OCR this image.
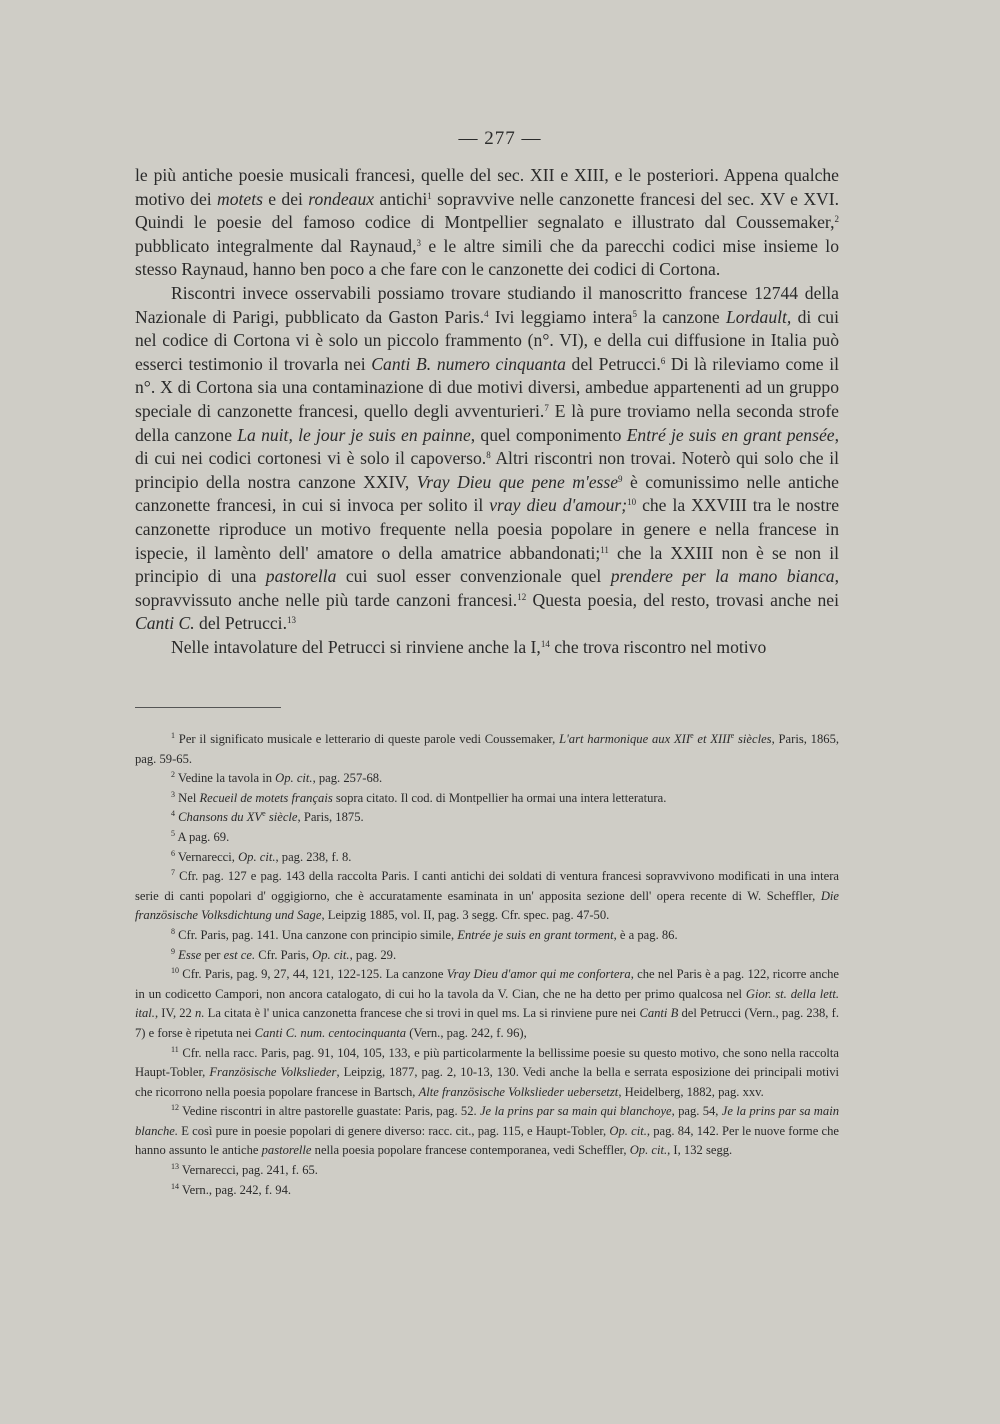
— 277 —

le più antiche poesie musicali francesi, quelle del sec. XII e XIII, e le posteriori. Appena qualche motivo dei motets e dei rondeaux antichi$^1$ sopravvive nelle canzonette francesi del sec. XV e XVI. Quindi le poesie del famoso codice di Montpellier segnalato e illustrato dal Coussemaker,$^2$ pubblicato integralmente dal Raynaud,$^3$ e le altre simili che da parecchi codici mise insieme lo stesso Raynaud, hanno ben poco a che fare con le canzonette dei codici di Cortona.

Riscontri invece osservabili possiamo trovare studiando il manoscritto francese 12744 della Nazionale di Parigi, pubblicato da Gaston Paris.$^4$ Ivi leggiamo intera$^5$ la canzone Lordault, di cui nel codice di Cortona vi è solo un piccolo frammento (n°. VI), e della cui diffusione in Italia può esserci testimonio il trovarla nei Canti B. numero cinquanta del Petrucci.$^6$ Di là rileviamo come il n°. X di Cortona sia una contaminazione di due motivi diversi, ambedue appartenenti ad un gruppo speciale di canzonette francesi, quello degli avventurieri.$^7$ E là pure troviamo nella seconda strofe della canzone La nuit, le jour je suis en painne, quel componimento Entré je suis en grant pensée, di cui nei codici cortonesi vi è solo il capoverso.$^8$ Altri riscontri non trovai. Noterò qui solo che il principio della nostra canzone XXIV, Vray Dieu que pene m'esse$^9$ è comunissimo nelle antiche canzonette francesi, in cui si invoca per solito il vray dieu d'amour;$^{10}$ che la XXVIII tra le nostre canzonette riproduce un motivo frequente nella poesia popolare in genere e nella francese in ispecie, il lamènto dell' amatore o della amatrice abbandonati;$^{11}$ che la XXIII non è se non il principio di una pastorella cui suol esser convenzionale quel prendere per la mano bianca, sopravvissuto anche nelle più tarde canzoni francesi.$^{12}$ Questa poesia, del resto, trovasi anche nei Canti C. del Petrucci.$^{13}$

Nelle intavolature del Petrucci si rinviene anche la I,$^{14}$ che trova riscontro nel motivo

$^1$ Per il significato musicale e letterario di queste parole vedi Coussemaker, L'art harmonique aux XIIe et XIIIe siècles, Paris, 1865, pag. 59-65.

$^2$ Vedine la tavola in Op. cit., pag. 257-68.

$^3$ Nel Recueil de motets français sopra citato. Il cod. di Montpellier ha ormai una intera letteratura.

$^4$ Chansons du XVe siècle, Paris, 1875.

$^5$ A pag. 69.

$^6$ Vernarecci, Op. cit., pag. 238, f. 8.

$^7$ Cfr. pag. 127 e pag. 143 della raccolta Paris. I canti antichi dei soldati di ventura francesi sopravvivono modificati in una intera serie di canti popolari d' oggigiorno, che è accuratamente esaminata in un' apposita sezione dell' opera recente di W. Scheffler, Die französische Volksdichtung und Sage, Leipzig 1885, vol. II, pag. 3 segg. Cfr. spec. pag. 47-50.

$^8$ Cfr. Paris, pag. 141. Una canzone con principio simile, Entrée je suis en grant torment, è a pag. 86.

$^9$ Esse per est ce. Cfr. Paris, Op. cit., pag. 29.

$^{10}$ Cfr. Paris, pag. 9, 27, 44, 121, 122-125. La canzone Vray Dieu d'amor qui me confortera, che nel Paris è a pag. 122, ricorre anche in un codicetto Campori, non ancora catalogato, di cui ho la tavola da V. Cian, che ne ha detto per primo qualcosa nel Gior. st. della lett. ital., IV, 22 n. La citata è l' unica canzonetta francese che si trovi in quel ms. La si rinviene pure nei Canti B del Petrucci (Vern., pag. 238, f. 7) e forse è ripetuta nei Canti C. num. centocinquanta (Vern., pag. 242, f. 96),

$^{11}$ Cfr. nella racc. Paris, pag. 91, 104, 105, 133, e più particolarmente la bellissime poesie su questo motivo, che sono nella raccolta Haupt-Tobler, Französische Volkslieder, Leipzig, 1877, pag. 2, 10-13, 130. Vedi anche la bella e serrata esposizione dei principali motivi che ricorrono nella poesia popolare francese in Bartsch, Alte französische Volkslieder uebersetzt, Heidelberg, 1882, pag. xxv.

$^{12}$ Vedine riscontri in altre pastorelle guastate: Paris, pag. 52. Je la prins par sa main qui blanchoye, pag. 54, Je la prins par sa main blanche. E così pure in poesie popolari di genere diverso: racc. cit., pag. 115, e Haupt-Tobler, Op. cit., pag. 84, 142. Per le nuove forme che hanno assunto le antiche pastorelle nella poesia popolare francese contemporanea, vedi Scheffler, Op. cit., I, 132 segg.

$^{13}$ Vernarecci, pag. 241, f. 65.

$^{14}$ Vern., pag. 242, f. 94.
